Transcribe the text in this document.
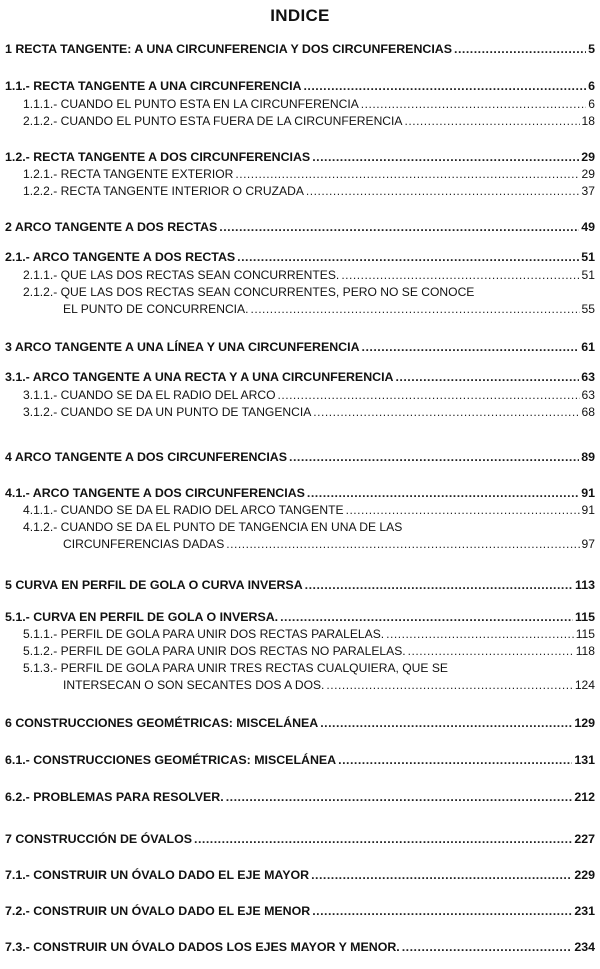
INDICE
1 RECTA TANGENTE: A UNA CIRCUNFERENCIA Y DOS CIRCUNFERENCIAS .....	5
1.1.- RECTA TANGENTE A UNA CIRCUNFERENCIA .....	6
1.1.1.- CUANDO EL PUNTO ESTA EN LA CIRCUNFERENCIA .....	6
2.1.2.- CUANDO EL PUNTO ESTA FUERA DE LA CIRCUNFERENCIA .....	18
1.2.- RECTA TANGENTE A DOS CIRCUNFERENCIAS .....	29
1.2.1.- RECTA TANGENTE EXTERIOR .....	29
1.2.2.- RECTA TANGENTE INTERIOR O CRUZADA .....	37
2 ARCO TANGENTE A DOS RECTAS .....	49
2.1.- ARCO TANGENTE A DOS RECTAS .....	51
2.1.1.- QUE LAS DOS RECTAS SEAN CONCURRENTES. .....	51
2.1.2.- QUE LAS DOS RECTAS SEAN CONCURRENTES, PERO NO SE CONOCE
EL PUNTO DE CONCURRENCIA. .....	55
3 ARCO TANGENTE A UNA LÍNEA Y UNA CIRCUNFERENCIA .....	61
3.1.- ARCO TANGENTE A UNA RECTA Y A UNA CIRCUNFERENCIA .....	63
3.1.1.- CUANDO SE DA EL RADIO DEL ARCO .....	63
3.1.2.- CUANDO SE DA UN PUNTO DE TANGENCIA .....	68
4 ARCO TANGENTE A DOS CIRCUNFERENCIAS .....	89
4.1.- ARCO TANGENTE A DOS CIRCUNFERENCIAS .....	91
4.1.1.- CUANDO SE DA EL RADIO DEL ARCO TANGENTE .....	91
4.1.2.- CUANDO SE DA EL PUNTO DE TANGENCIA EN UNA DE LAS
CIRCUNFERENCIAS DADAS .....	97
5 CURVA EN PERFIL DE GOLA O CURVA INVERSA .....	113
5.1.- CURVA EN PERFIL DE GOLA O INVERSA. .....	115
5.1.1.- PERFIL DE GOLA PARA UNIR DOS RECTAS PARALELAS. .....	115
5.1.2.- PERFIL DE GOLA PARA UNIR DOS RECTAS NO PARALELAS. .....	118
5.1.3.- PERFIL DE GOLA PARA UNIR TRES RECTAS CUALQUIERA, QUE SE
INTERSECAN O SON SECANTES DOS A DOS. .....	124
6 CONSTRUCCIONES GEOMÉTRICAS: MISCELÁNEA .....	129
6.1.- CONSTRUCCIONES GEOMÉTRICAS: MISCELÁNEA .....	131
6.2.- PROBLEMAS PARA RESOLVER. .....	212
7 CONSTRUCCIÓN DE ÓVALOS .....	227
7.1.- CONSTRUIR UN ÓVALO DADO EL EJE MAYOR .....	229
7.2.- CONSTRUIR UN ÓVALO DADO EL EJE MENOR .....	231
7.3.- CONSTRUIR UN ÓVALO DADOS LOS EJES MAYOR Y MENOR. .....	234
